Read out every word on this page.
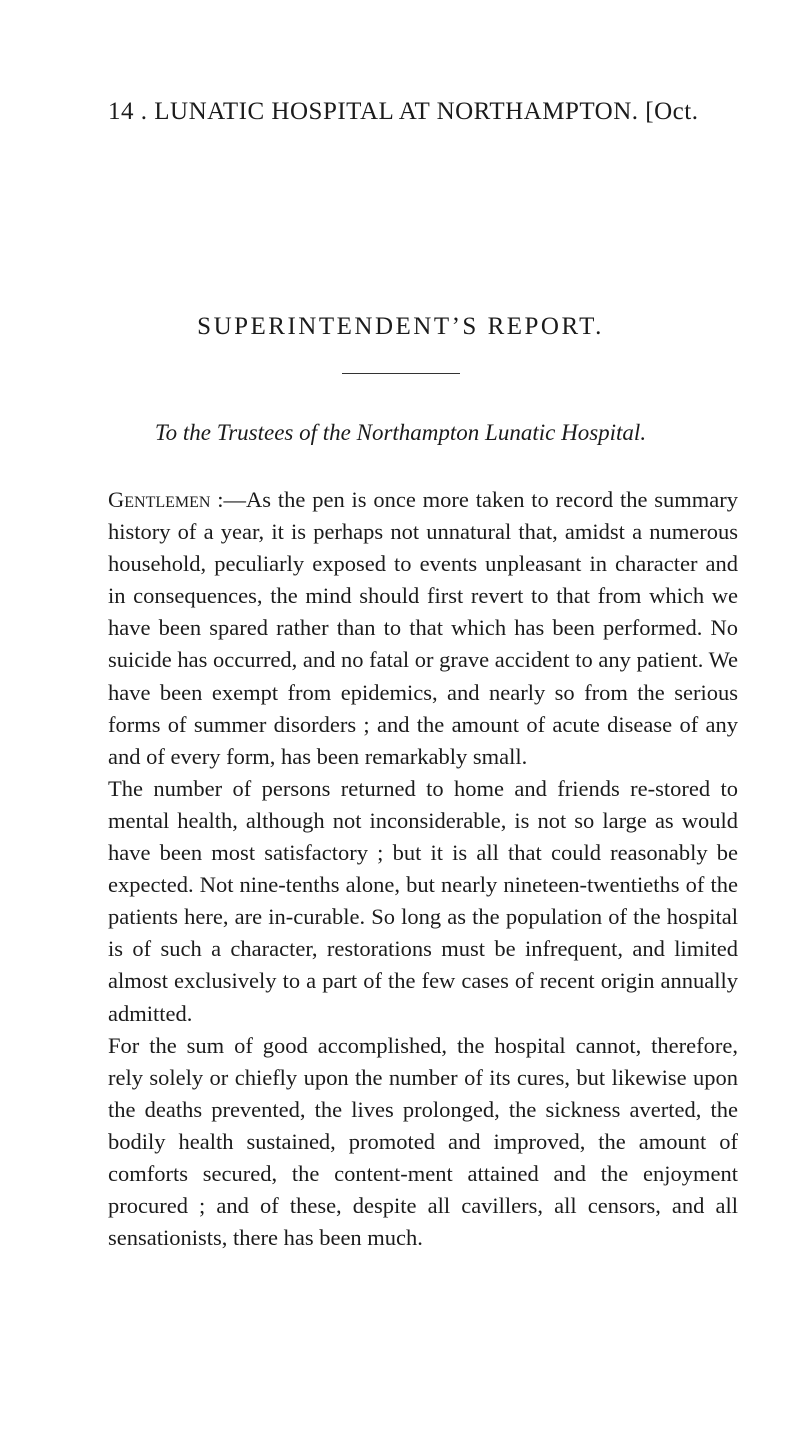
14 . LUNATIC HOSPITAL AT NORTHAMPTON. [Oct.
SUPERINTENDENT’S REPORT.
To the Trustees of the Northampton Lunatic Hospital.

Gentlemen :—As the pen is once more taken to record the summary history of a year, it is perhaps not unnatural that, amidst a numerous household, peculiarly exposed to events unpleasant in character and in consequences, the mind should first revert to that from which we have been spared rather than to that which has been performed. No suicide has occurred, and no fatal or grave accident to any patient. We have been exempt from epidemics, and nearly so from the serious forms of summer disorders ; and the amount of acute disease of any and of every form, has been remarkably small.

The number of persons returned to home and friends re-stored to mental health, although not inconsiderable, is not so large as would have been most satisfactory ; but it is all that could reasonably be expected. Not nine-tenths alone, but nearly nineteen-twentieths of the patients here, are in-curable. So long as the population of the hospital is of such a character, restorations must be infrequent, and limited almost exclusively to a part of the few cases of recent origin annually admitted.

For the sum of good accomplished, the hospital cannot, therefore, rely solely or chiefly upon the number of its cures, but likewise upon the deaths prevented, the lives prolonged, the sickness averted, the bodily health sustained, promoted and improved, the amount of comforts secured, the content-ment attained and the enjoyment procured ; and of these, despite all cavillers, all censors, and all sensationists, there has been much.
